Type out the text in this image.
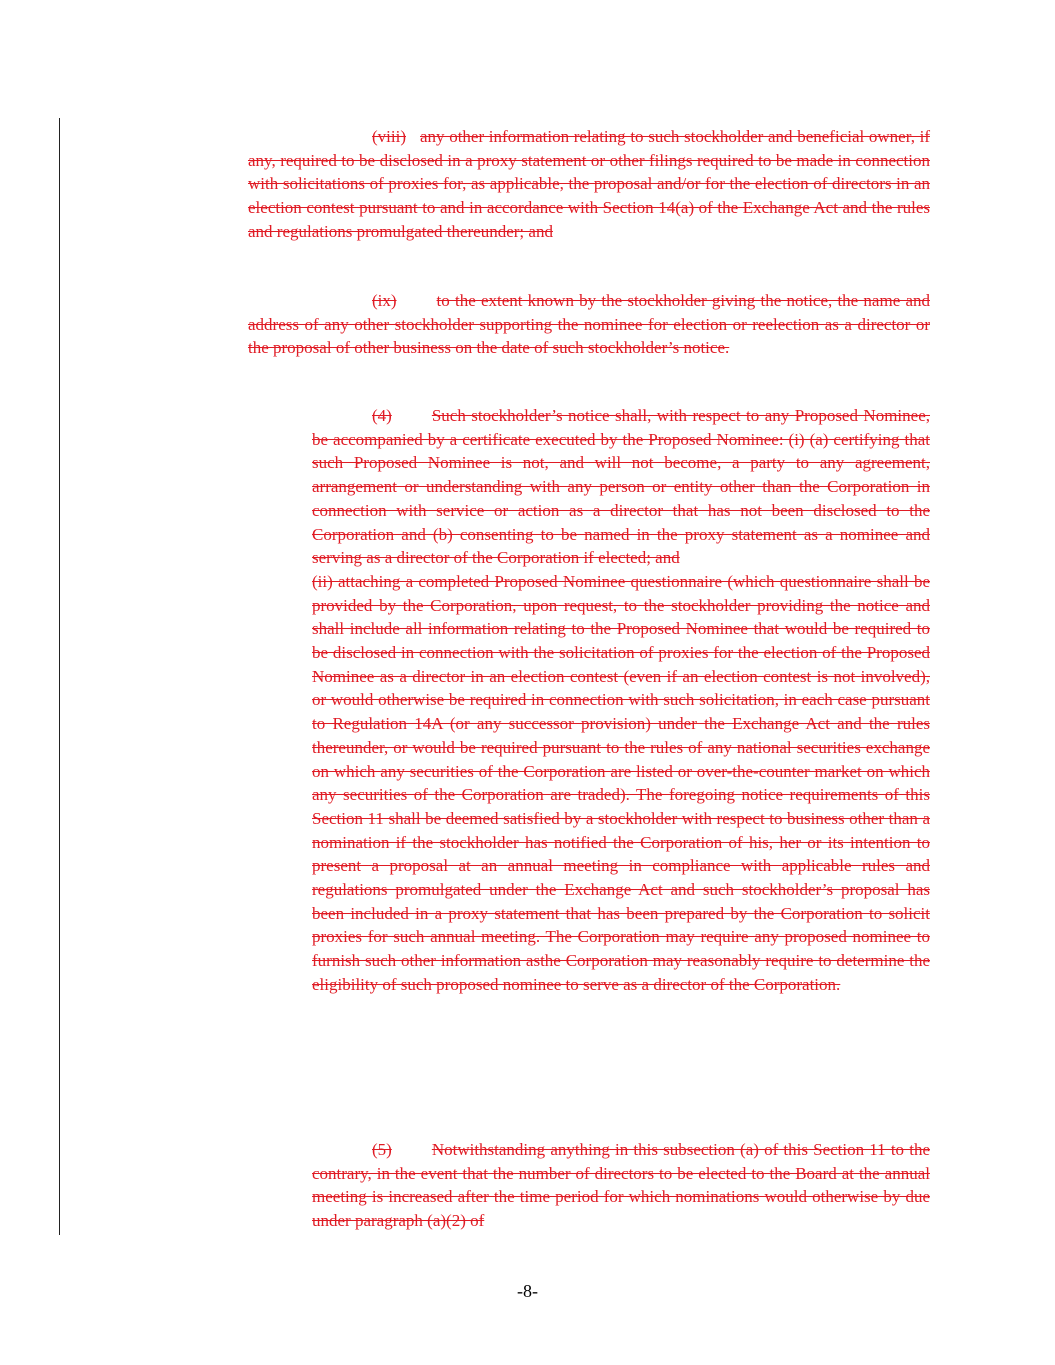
(viii) any other information relating to such stockholder and beneficial owner, if any, required to be disclosed in a proxy statement or other filings required to be made in connection with solicitations of proxies for, as applicable, the proposal and/or for the election of directors in an election contest pursuant to and in accordance with Section 14(a) of the Exchange Act and the rules and regulations promulgated thereunder; and

(ix) to the extent known by the stockholder giving the notice, the name and address of any other stockholder supporting the nominee for election or reelection as a director or the proposal of other business on the date of such stockholder’s notice.

(4) Such stockholder’s notice shall, with respect to any Proposed Nominee, be accompanied by a certificate executed by the Proposed Nominee: (i) (a) certifying that such Proposed Nominee is not, and will not become, a party to any agreement, arrangement or understanding with any person or entity other than the Corporation in connection with service or action as a director that has not been disclosed to the Corporation and (b) consenting to be named in the proxy statement as a nominee and serving as a director of the Corporation if elected; and
(ii) attaching a completed Proposed Nominee questionnaire (which questionnaire shall be provided by the Corporation, upon request, to the stockholder providing the notice and shall include all information relating to the Proposed Nominee that would be required to be disclosed in connection with the solicitation of proxies for the election of the Proposed Nominee as a director in an election contest (even if an election contest is not involved), or would otherwise be required in connection with such solicitation, in each case pursuant to Regulation 14A (or any successor provision) under the Exchange Act and the rules thereunder, or would be required pursuant to the rules of any national securities exchange on which any securities of the Corporation are listed or over-the-counter market on which any securities of the Corporation are traded). The foregoing notice requirements of this Section 11 shall be deemed satisfied by a stockholder with respect to business other than a nomination if the stockholder has notified the Corporation of his, her or its intention to present a proposal at an annual meeting in compliance with applicable rules and regulations promulgated under the Exchange Act and such stockholder’s proposal has been included in a proxy statement that has been prepared by the Corporation to solicit proxies for such annual meeting. The Corporation may require any proposed nominee to furnish such other information asthe Corporation may reasonably require to determine the eligibility of such proposed nominee to serve as a director of the Corporation.

(5) Notwithstanding anything in this subsection (a) of this Section 11 to the contrary, in the event that the number of directors to be elected to the Board at the annual meeting is increased after the time period for which nominations would otherwise by due under paragraph (a)(2) of

-8-
